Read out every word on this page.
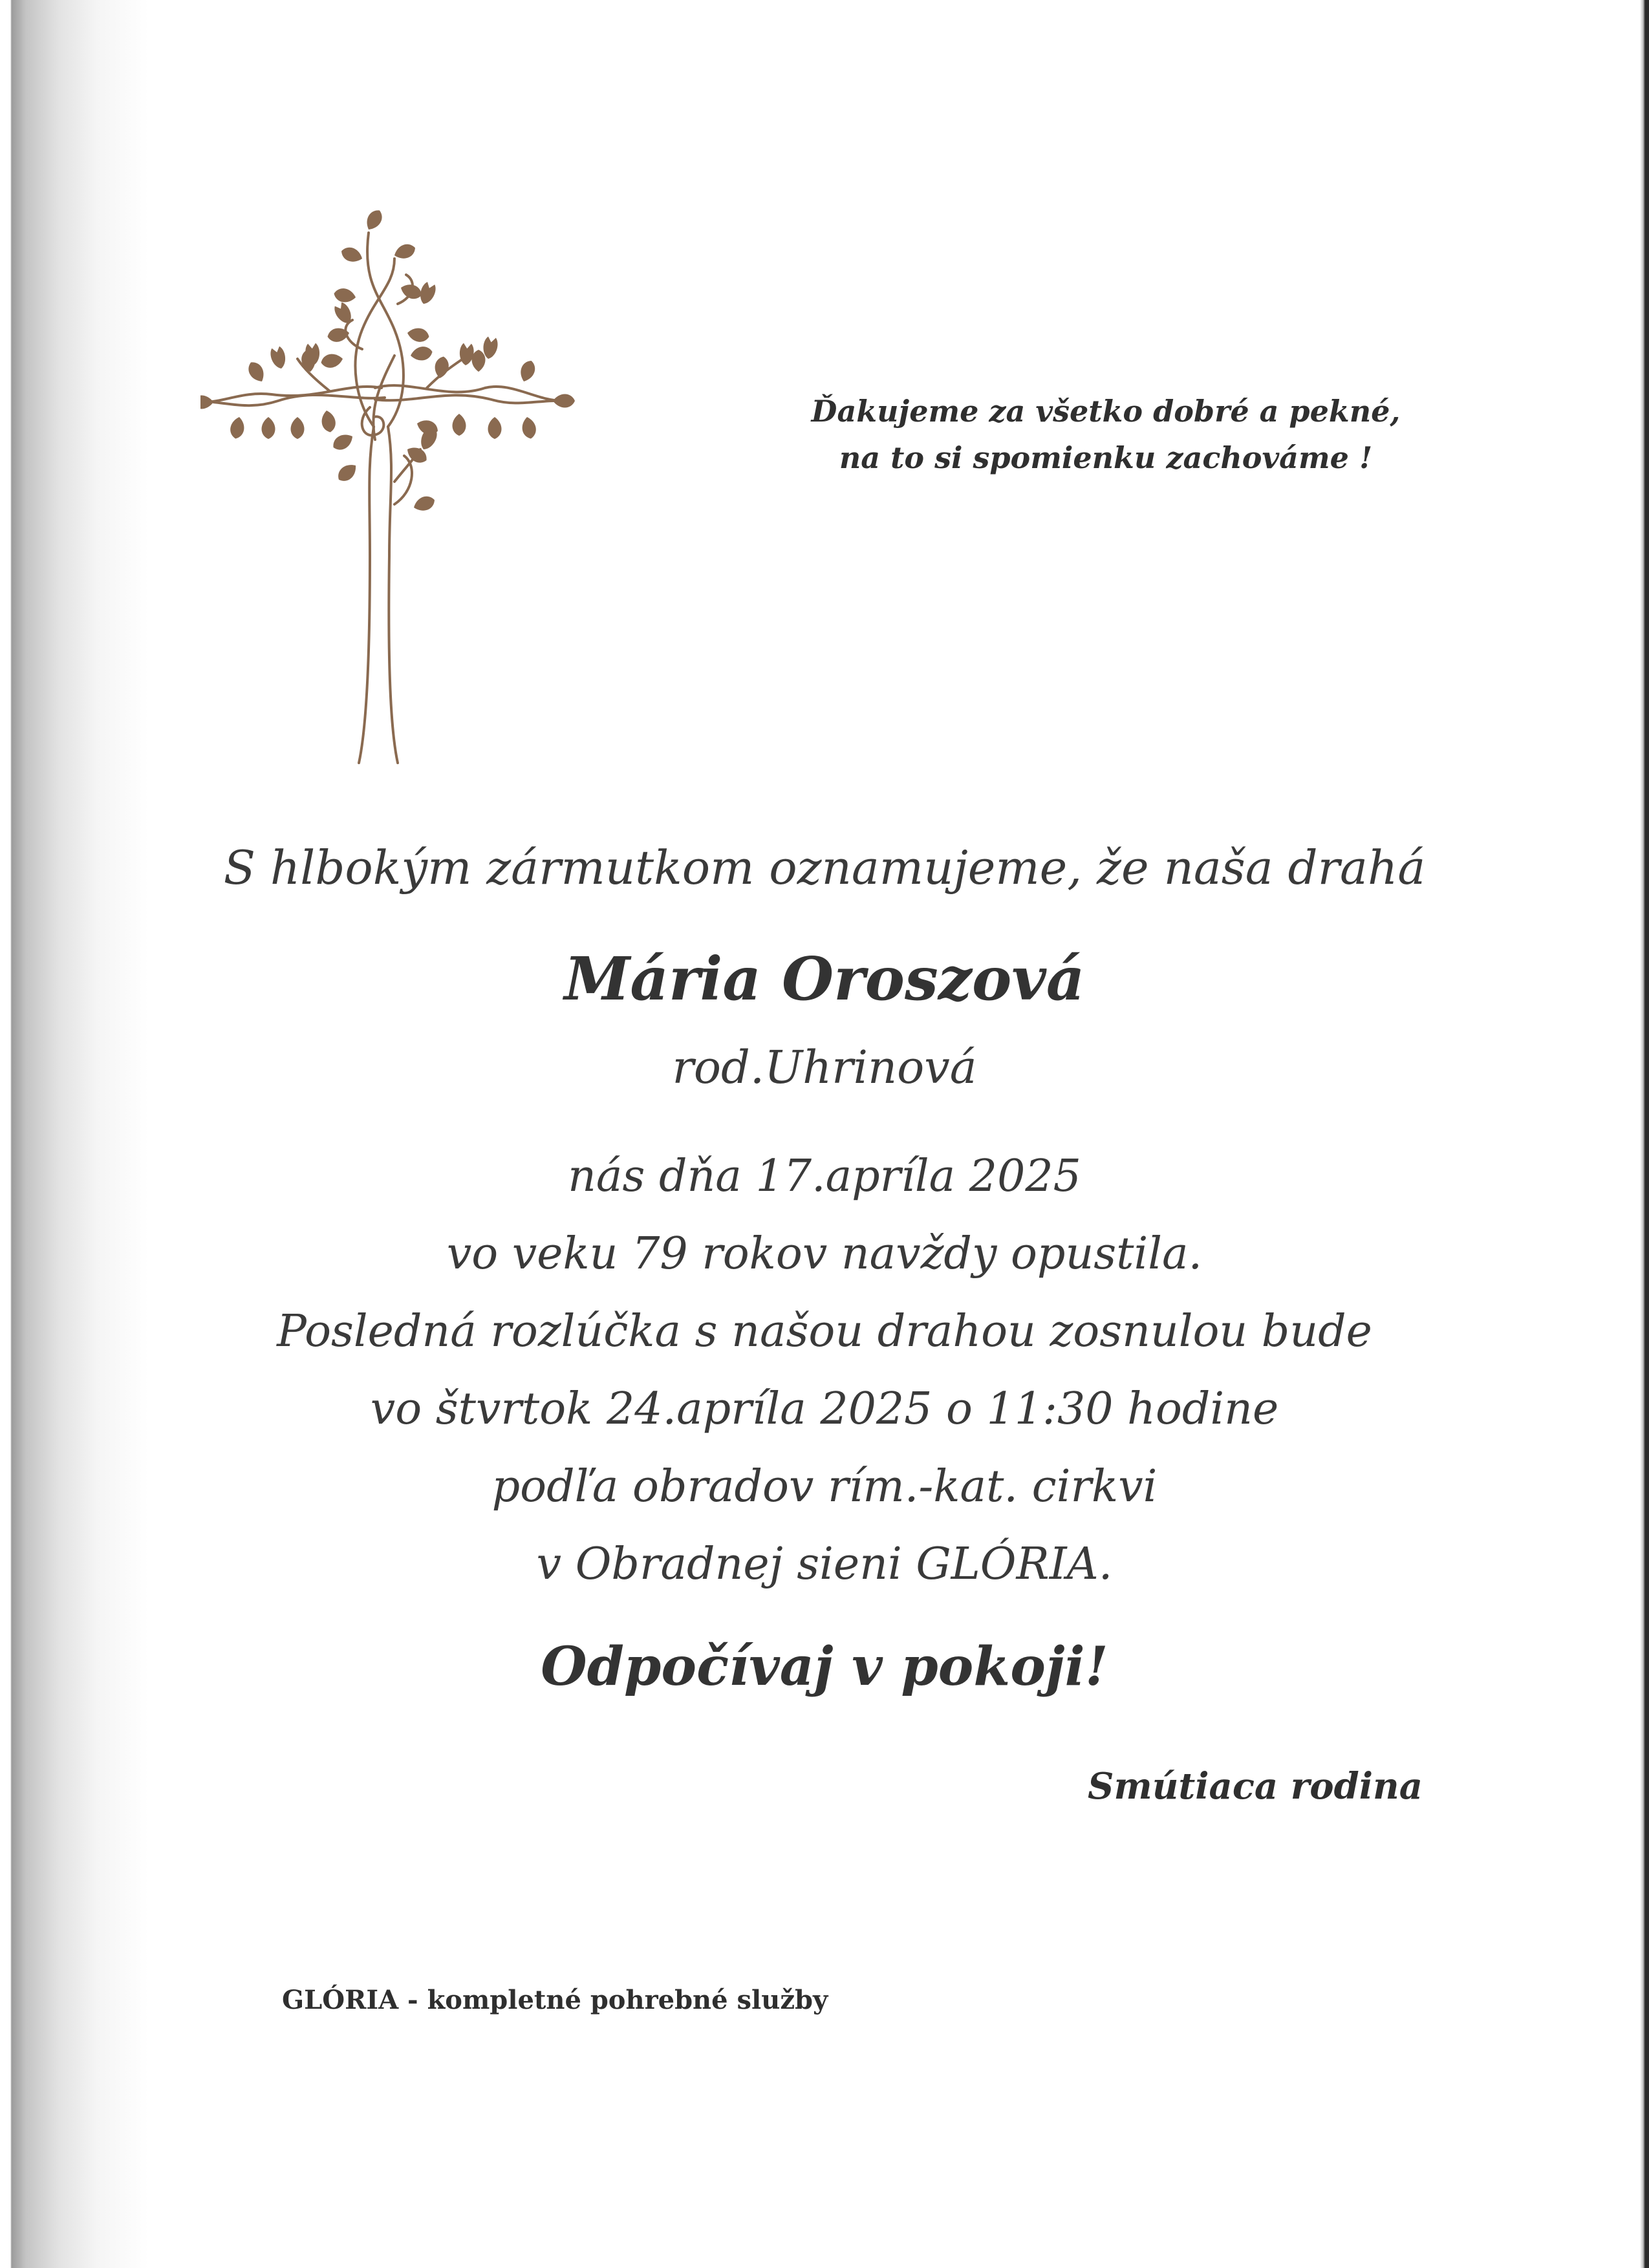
Ďakujeme za všetko dobré a pekné,
na to si spomienku zachováme !

S hlbokým zármutkom oznamujeme, že naša drahá

Mária Oroszová

rod.Uhrinová

nás dňa 17.apríla 2025

vo veku 79 rokov navždy opustila.

Posledná rozlúčka s našou drahou zosnulou bude

vo štvrtok 24.apríla 2025 o 11:30 hodine

podľa obradov rím.-kat. cirkvi

v Obradnej sieni GLÓRIA.

Odpočívaj v pokoji!

Smútiaca rodina
GLÓRIA - kompletné pohrebné služby
